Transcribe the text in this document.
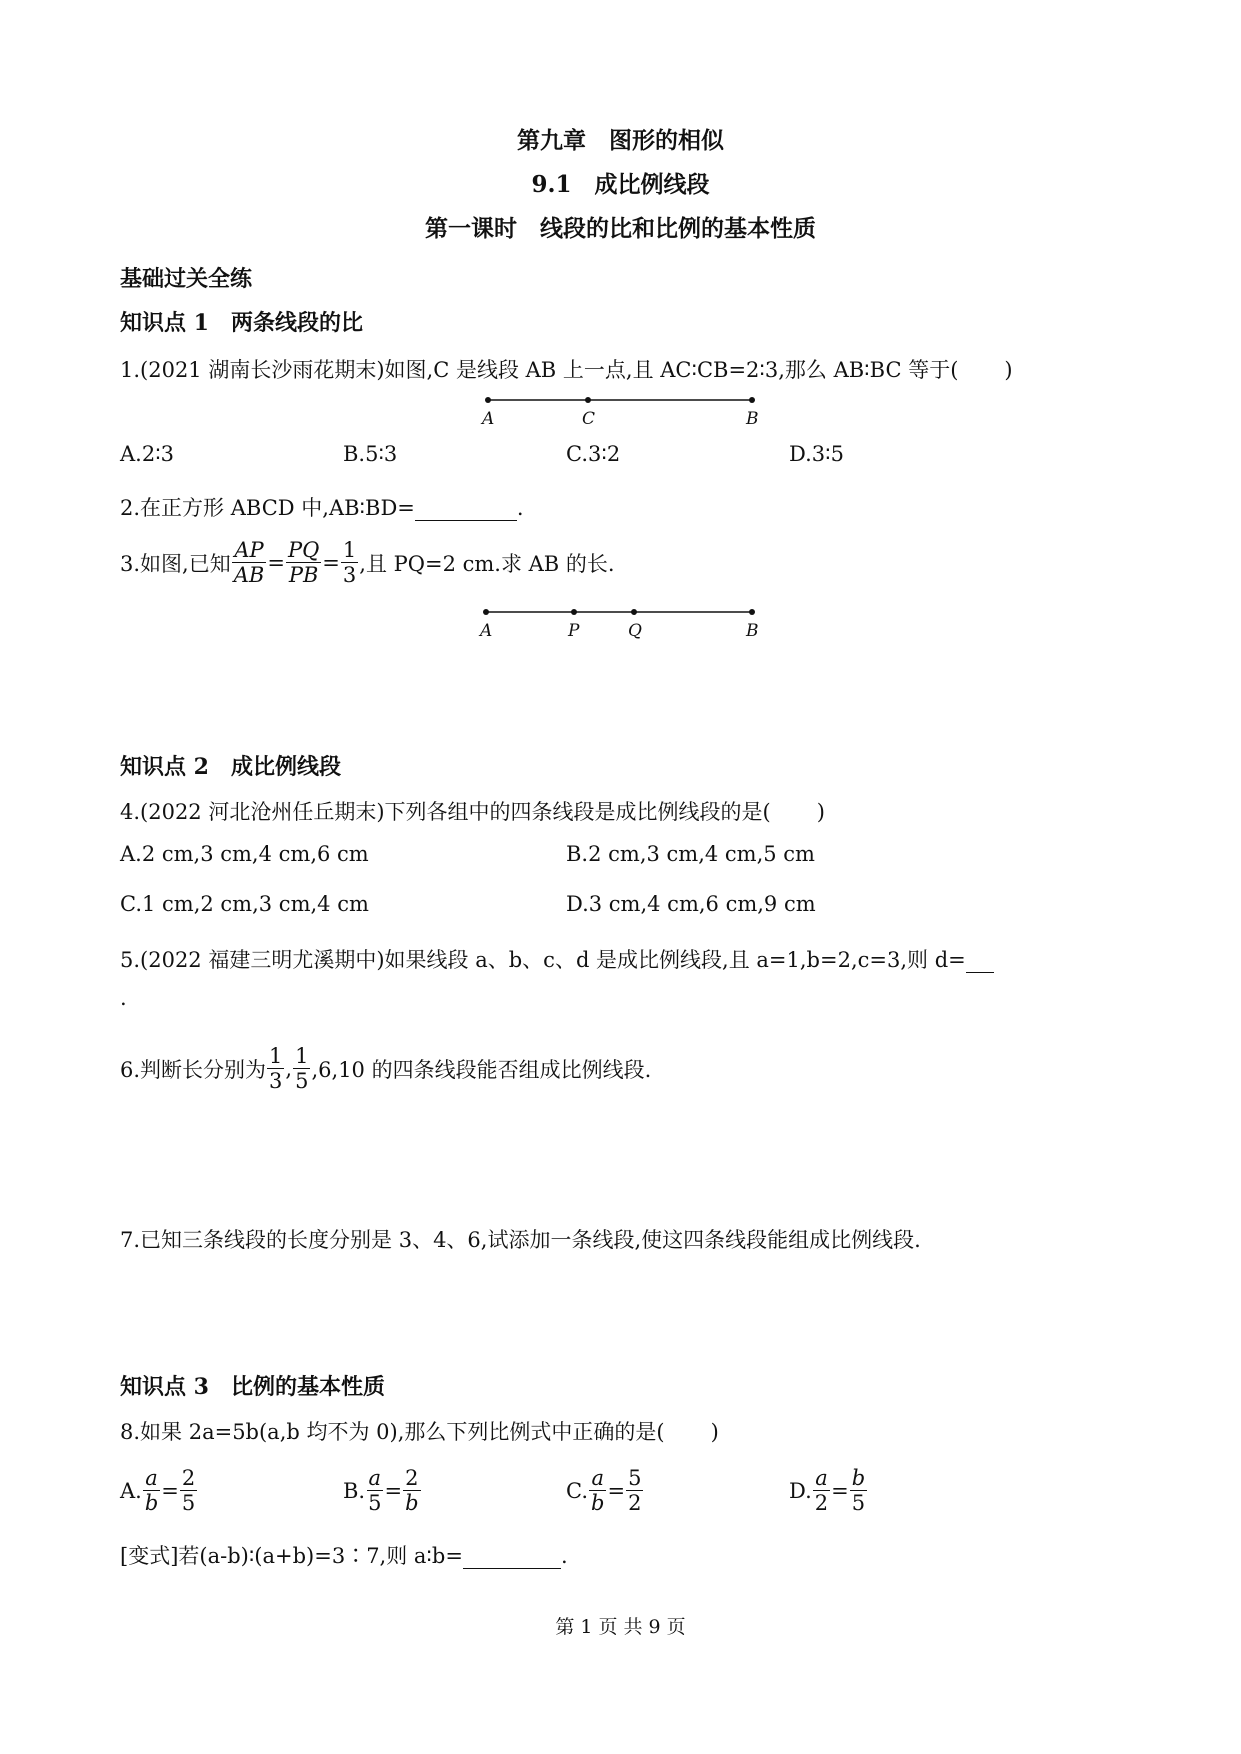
第九章　图形的相似
9.1　成比例线段
第一课时　线段的比和比例的基本性质
基础过关全练
知识点 1　两条线段的比
1.(2021 湖南长沙雨花期末)如图,C 是线段 AB 上一点,且 AC∶CB=2∶3,那么 AB∶BC 等于( )
A	C	B
A.2∶3	B.5∶3	C.3∶2	D.3∶5
2.在正方形 ABCD 中,AB∶BD=	.
3.如图,已知 $\frac{AP}{AB} = \frac{PQ}{PB} = \frac{1}{3}$ ,且 PQ=2 cm.求 AB 的长.
A	P	Q	B
知识点 2　成比例线段
4.(2022 河北沧州任丘期末)下列各组中的四条线段是成比例线段的是( )
A.2 cm,3 cm,4 cm,6 cm	B.2 cm,3 cm,4 cm,5 cm
C.1 cm,2 cm,3 cm,4 cm	D.3 cm,4 cm,6 cm,9 cm
5.(2022 福建三明尤溪期中)如果线段 a、b、c、d 是成比例线段,且 a=1,b=2,c=3,则 d=
.
6.判断长分别为 $\frac{1}{3}$ , $\frac{1}{5} ,6,10$ 的四条线段能否组成比例线段.
7.已知三条线段的长度分别是 3、4、6,试添加一条线段,使这四条线段能组成比例线段.
知识点 3　比例的基本性质
8.如果 2a=5b(a,b 均不为 0),那么下列比例式中正确的是( )
A. $\frac{a}{b} = \frac{2}{5}$	B. $\frac{a}{5} = \frac{2}{b}$	C. $\frac{a}{b} = \frac{5}{2}$	D. $\frac{a}{2} = \frac{b}{5}$
[变式]若(a-b)∶(a+b)=3∶7,则 a∶b=	.
第 1 页 共 9 页
